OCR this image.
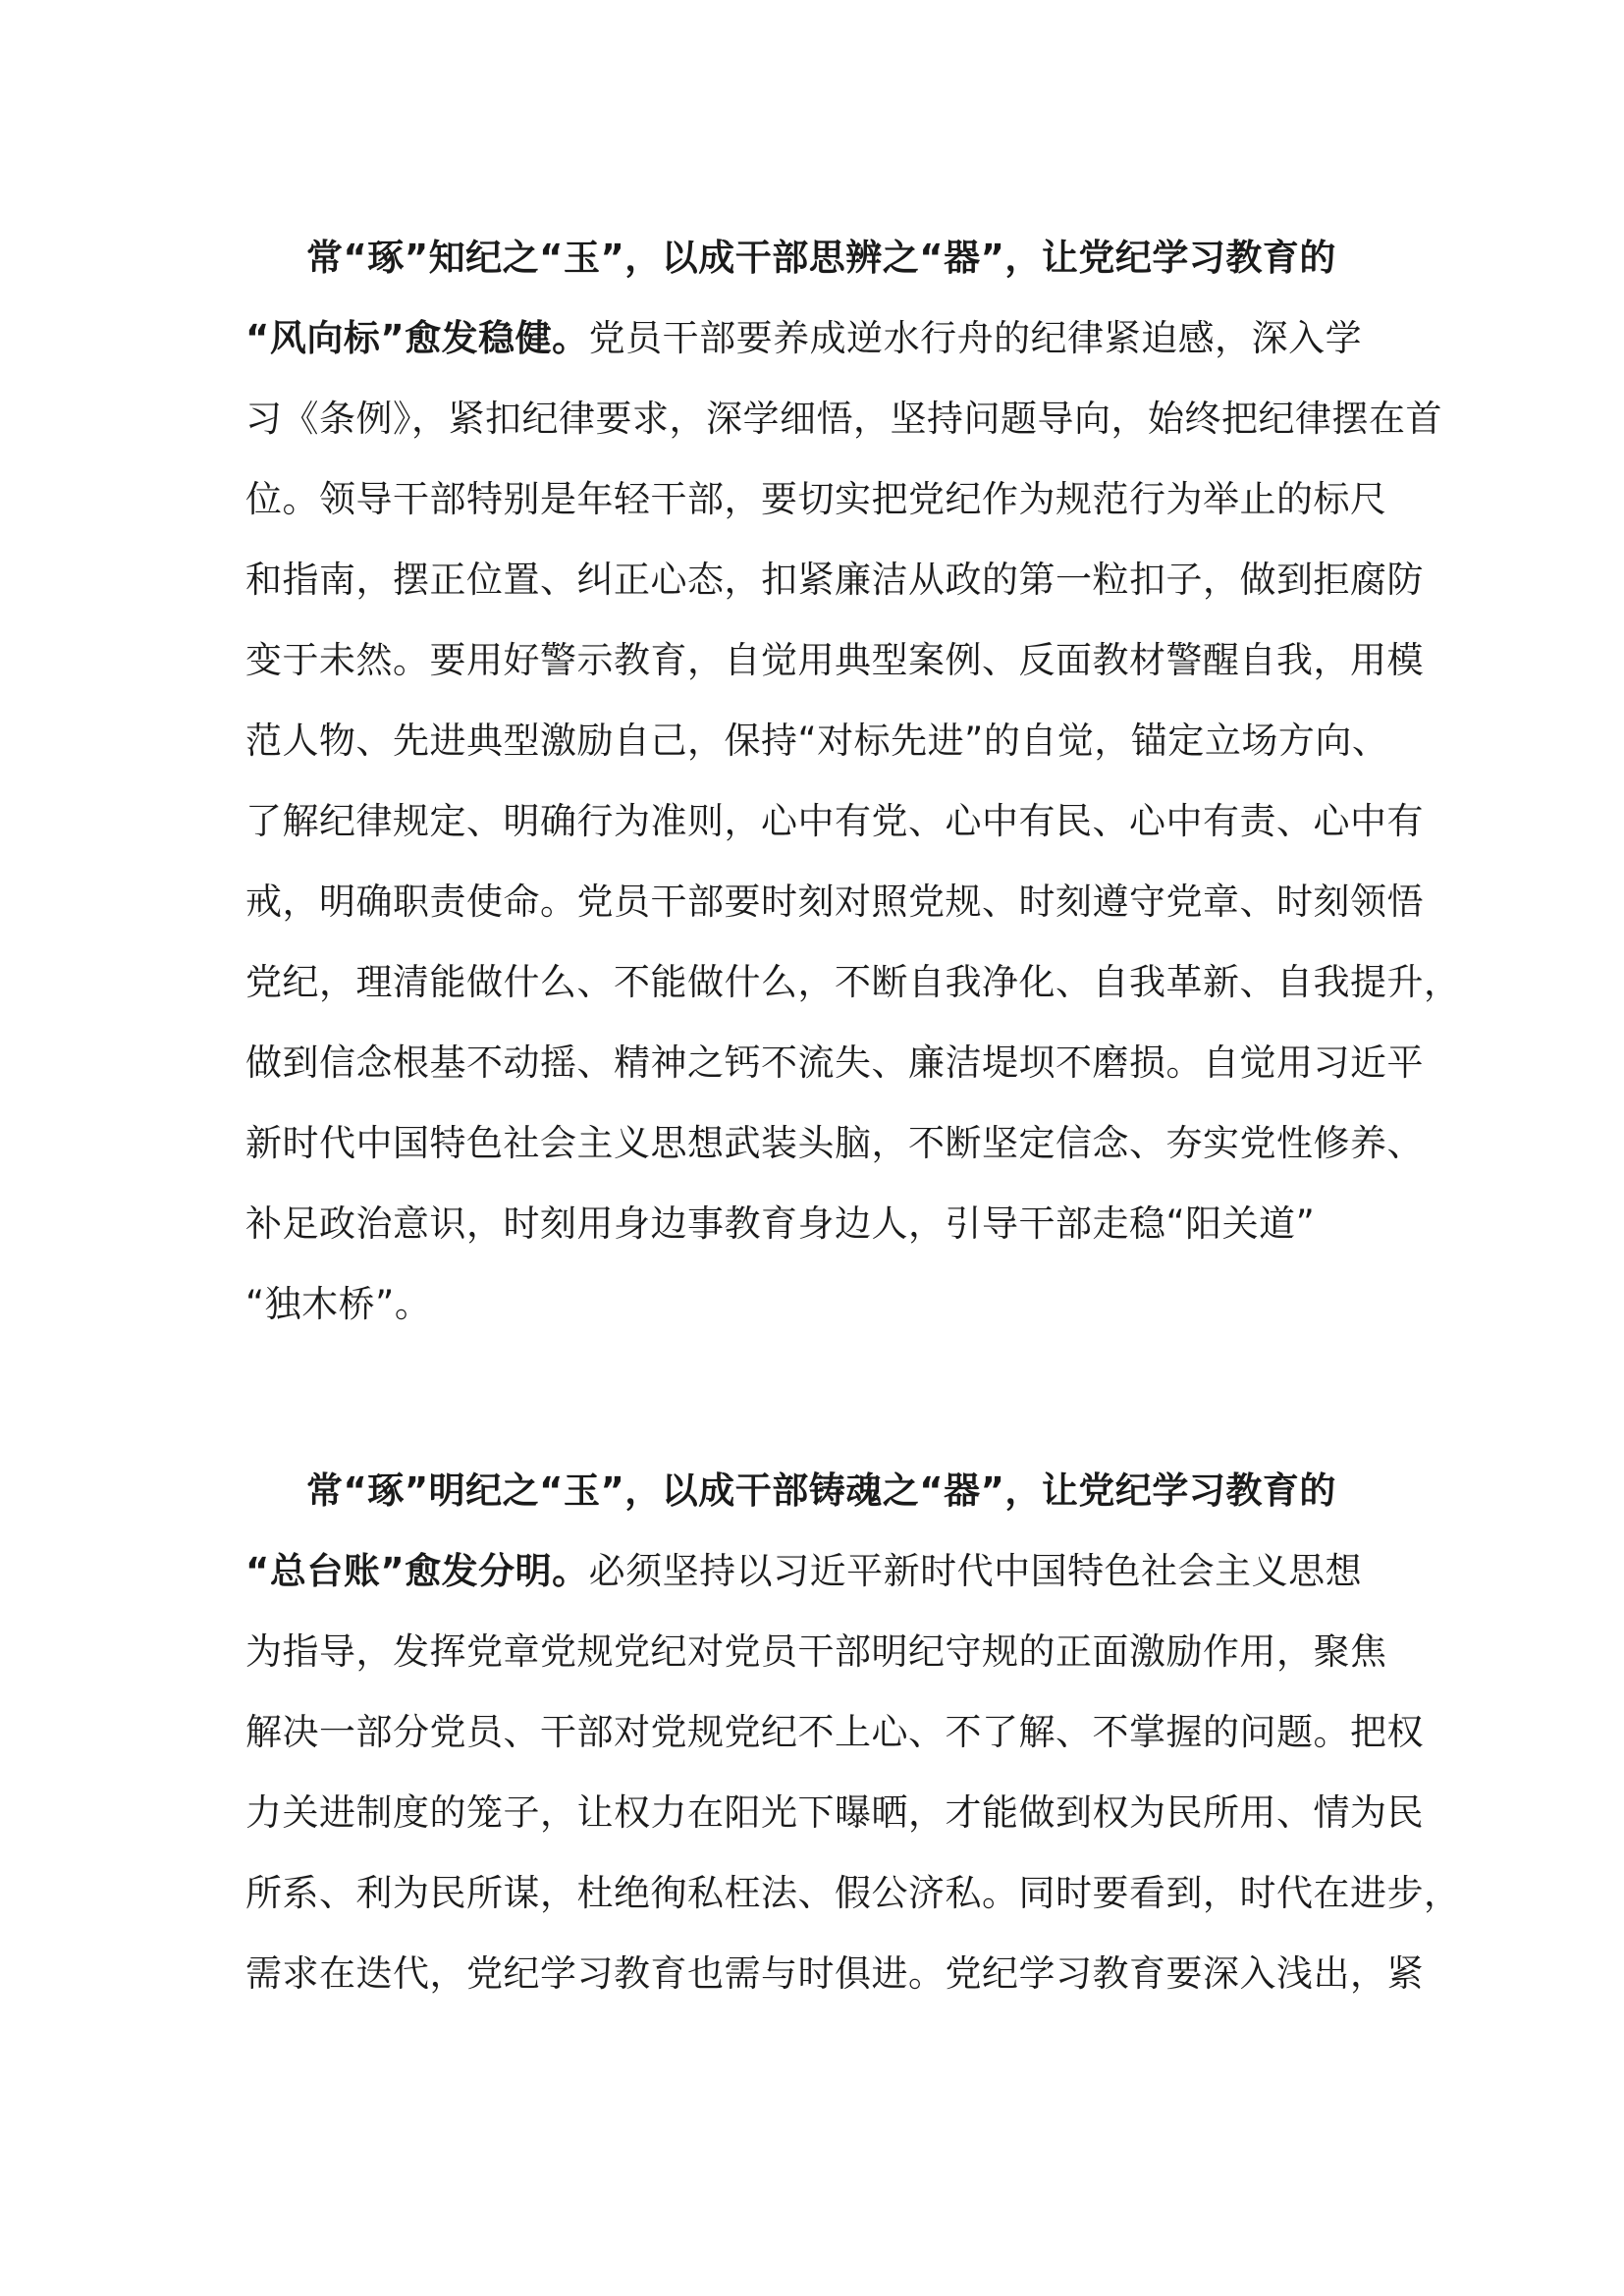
常“琢”知纪之“玉”，以成干部思辨之“器”，让党纪学习教育的
“风向标”愈发稳健。党员干部要养成逆水行舟的纪律紧迫感，深入学
习《条例》，紧扣纪律要求，深学细悟，坚持问题导向，始终把纪律摆在首
位。领导干部特别是年轻干部，要切实把党纪作为规范行为举止的标尺
和指南，摆正位置、纠正心态，扣紧廉洁从政的第一粒扣子，做到拒腐防
变于未然。要用好警示教育，自觉用典型案例、反面教材警醒自我，用模
范人物、先进典型激励自己，保持“对标先进”的自觉，锚定立场方向、
了解纪律规定、明确行为准则，心中有党、心中有民、心中有责、心中有
戒，明确职责使命。党员干部要时刻对照党规、时刻遵守党章、时刻领悟
党纪，理清能做什么、不能做什么，不断自我净化、自我革新、自我提升，
做到信念根基不动摇、精神之钙不流失、廉洁堤坝不磨损。自觉用习近平
新时代中国特色社会主义思想武装头脑，不断坚定信念、夯实党性修养、
补足政治意识，时刻用身边事教育身边人，引导干部走稳“阳关道”
“独木桥”。
常“琢”明纪之“玉”，以成干部铸魂之“器”，让党纪学习教育的
“总台账”愈发分明。必须坚持以习近平新时代中国特色社会主义思想
为指导，发挥党章党规党纪对党员干部明纪守规的正面激励作用，聚焦
解决一部分党员、干部对党规党纪不上心、不了解、不掌握的问题。把权
力关进制度的笼子，让权力在阳光下曝晒，才能做到权为民所用、情为民
所系、利为民所谋，杜绝徇私枉法、假公济私。同时要看到，时代在进步，
需求在迭代，党纪学习教育也需与时俱进。党纪学习教育要深入浅出，紧
